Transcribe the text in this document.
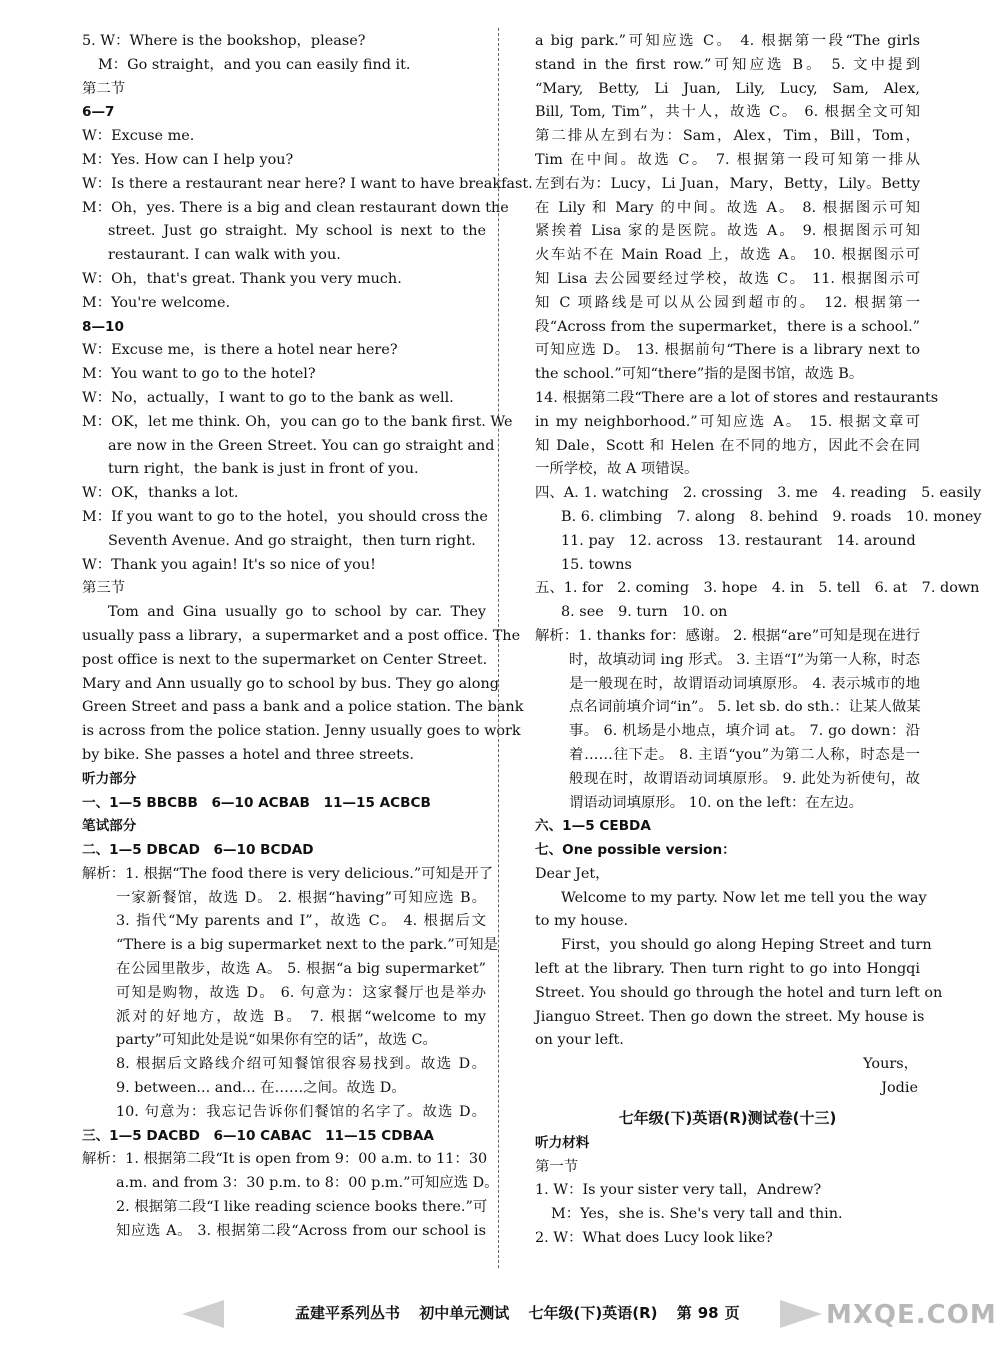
5. W：Where is the bookshop，please?
M：Go straight，and you can easily find it.
第二节
6—7
W：Excuse me.
M：Yes. How can I help you?
W：Is there a restaurant near here? I want to have breakfast.
M：Oh，yes. There is a big and clean restaurant down the
street. Just go straight. My school is next to the
restaurant. I can walk with you.
W：Oh，that's great. Thank you very much.
M：You're welcome.
8—10
W：Excuse me，is there a hotel near here?
M：You want to go to the hotel?
W：No，actually，I want to go to the bank as well.
M：OK，let me think. Oh，you can go to the bank first. We
are now in the Green Street. You can go straight and
turn right，the bank is just in front of you.
W：OK，thanks a lot.
M：If you want to go to the hotel，you should cross the
Seventh Avenue. And go straight，then turn right.
W：Thank you again! It's so nice of you!
第三节
Tom and Gina usually go to school by car. They
usually pass a library，a supermarket and a post office. The
post office is next to the supermarket on Center Street.
Mary and Ann usually go to school by bus. They go along
Green Street and pass a bank and a police station. The bank
is across from the police station. Jenny usually goes to work
by bike. She passes a hotel and three streets.
听力部分
一、1—5 BBCBB　6—10 ACBAB　11—15 ACBCB
笔试部分
二、1—5 DBCAD　6—10 BCDAD
解析：1. 根据“The food there is very delicious.”可知是开了
一家新餐馆，故选 D。 2. 根据“having”可知应选 B。
3. 指代“My parents and I”，故选 C。 4. 根据后文
“There is a big supermarket next to the park.”可知是
在公园里散步，故选 A。 5. 根据“a big supermarket”
可知是购物，故选 D。 6. 句意为：这家餐厅也是举办
派对的好地方，故选 B。 7. 根据“welcome to my
party”可知此处是说“如果你有空的话”，故选 C。
8. 根据后文路线介绍可知餐馆很容易找到。故选 D。
9. between... and... 在……之间。故选 D。
10. 句意为：我忘记告诉你们餐馆的名字了。故选 D。
三、1—5 DACBD　6—10 CABAC　11—15 CDBAA
解析：1. 根据第二段“It is open from 9：00 a.m. to 11：30
a.m. and from 3：30 p.m. to 8：00 p.m.”可知应选 D。
2. 根据第二段“I like reading science books there.”可
知应选 A。 3. 根据第二段“Across from our school is
a big park.”可知应选 C。 4. 根据第一段“The girls
stand in the first row.”可知应选 B。 5. 文中提到
“Mary, Betty, Li Juan, Lily, Lucy, Sam, Alex,
Bill, Tom, Tim”，共十人，故选 C。 6. 根据全文可知
第二排从左到右为：Sam，Alex，Tim，Bill，Tom，
Tim 在中间。故选 C。 7. 根据第一段可知第一排从
左到右为：Lucy，Li Juan，Mary，Betty，Lily。Betty
在 Lily 和 Mary 的中间。故选 A。 8. 根据图示可知
紧挨着 Lisa 家的是医院。故选 A。 9. 根据图示可知
火车站不在 Main Road 上，故选 A。 10. 根据图示可
知 Lisa 去公园要经过学校，故选 C。 11. 根据图示可
知 C 项路线是可以从公园到超市的。 12. 根据第一
段“Across from the supermarket，there is a school.”
可知应选 D。 13. 根据前句“There is a library next to
the school.”可知“there”指的是图书馆，故选 B。
14. 根据第二段“There are a lot of stores and restaurants
in my neighborhood.”可知应选 A。 15. 根据文章可
知 Dale，Scott 和 Helen 在不同的地方，因此不会在同
一所学校，故 A 项错误。
四、A. 1. watching　2. crossing　3. me　4. reading　5. easily
B. 6. climbing　7. along　8. behind　9. roads　10. money
11. pay　12. across　13. restaurant　14. around
15. towns
五、1. for　2. coming　3. hope　4. in　5. tell　6. at　7. down
8. see　9. turn　10. on
解析：1. thanks for：感谢。 2. 根据“are”可知是现在进行
时，故填动词 ing 形式。 3. 主语“I”为第一人称，时态
是一般现在时，故谓语动词填原形。 4. 表示城市的地
点名词前填介词“in”。 5. let sb. do sth.：让某人做某
事。 6. 机场是小地点，填介词 at。 7. go down：沿
着……往下走。 8. 主语“you”为第二人称，时态是一
般现在时，故谓语动词填原形。 9. 此处为祈使句，故
谓语动词填原形。 10. on the left：在左边。
六、1—5 CEBDA
七、One possible version：
Dear Jet，
Welcome to my party. Now let me tell you the way
to my house.
First，you should go along Heping Street and turn
left at the library. Then turn right to go into Hongqi
Street. You should go through the hotel and turn left on
Jianguo Street. Then go down the street. My house is
on your left.
Yours，
Jodie
七年级(下)英语(R)测试卷(十三)
听力材料
第一节
1. W：Is your sister very tall，Andrew?
M：Yes，she is. She's very tall and thin.
2. W：What does Lucy look like?
孟建平系列丛书 初中单元测试 七年级(下)英语(R) 第 98 页	MXQE.COM
